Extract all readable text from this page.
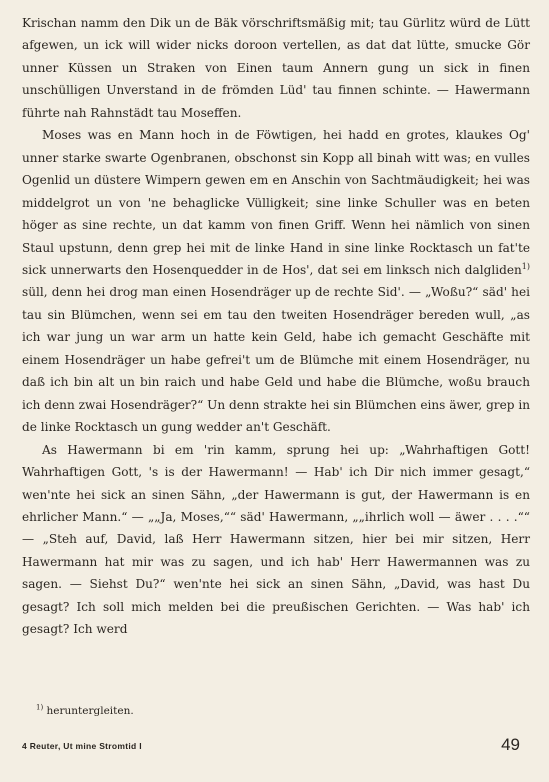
Krischan namm den Dik un de Bäk vörschriftsmäßig mit; tau Gürlitz würd de Lütt afgewen, un ick will wider nicks doroon vertellen, as dat dat lütte, smucke Gör unner Küssen un Straken von Einen taum Annern gung un sick in finen unschülligen Unverstand in de frömden Lüd' tau finnen schinte. — Hawermann führte nah Rahnstädt tau Moseffen.

Moses was en Mann hoch in de Föwtigen, hei hadd en grotes, klaukes Og' unner starke swarte Ogenbranen, obschonst sin Kopp all binah witt was; en vulles Ogenlid un düstere Wimpern gewen em en Anschin von Sachtmäudigkeit; hei was middelgrot un von 'ne behaglicke Vülligkeit; sine linke Schuller was en beten höger as sine rechte, un dat kamm von finen Griff. Wenn hei nämlich von sinen Staul upstunn, denn grep hei mit de linke Hand in sine linke Rocktasch un fat'te sick unnerwarts den Hosenquedder in de Hos', dat sei em linksch nich dalgliden$^{1)}$ süll, denn hei drog man einen Hosendräger up de rechte Sid'. — „Woßu?“ säd' hei tau sin Blümchen, wenn sei em tau den tweiten Hosendräger bereden wull, „as ich war jung un war arm un hatte kein Geld, habe ich gemacht Geschäfte mit einem Hosendräger un habe gefrei't um de Blümche mit einem Hosendräger, nu daß ich bin alt un bin raich und habe Geld und habe die Blümche, woßu brauch ich denn zwai Hosendräger?“ Un denn strakte hei sin Blümchen eins äwer, grep in de linke Rocktasch un gung wedder an't Geschäft.

As Hawermann bi em 'rin kamm, sprung hei up: „Wahrhaftigen Gott! Wahrhaftigen Gott, 's is der Hawermann! — Hab' ich Dir nich immer gesagt,“ wen'nte hei sick an sinen Sähn, „der Hawermann is gut, der Hawermann is en ehrlicher Mann.“ — „„Ja, Moses,““ säd' Hawermann, „„ihrlich woll — äwer . . . .““ — „Steh auf, David, laß Herr Hawermann sitzen, hier bei mir sitzen, Herr Hawermann hat mir was zu sagen, und ich hab' Herr Hawermannen was zu sagen. — Siehst Du?“ wen'nte hei sick an sinen Sähn, „David, was hast Du gesagt? Ich soll mich melden bei die preußischen Gerichten. — Was hab' ich gesagt? Ich werd

$^{1)}$ heruntergleiten.
4 Reuter, Ut mine Stromtid I	49
